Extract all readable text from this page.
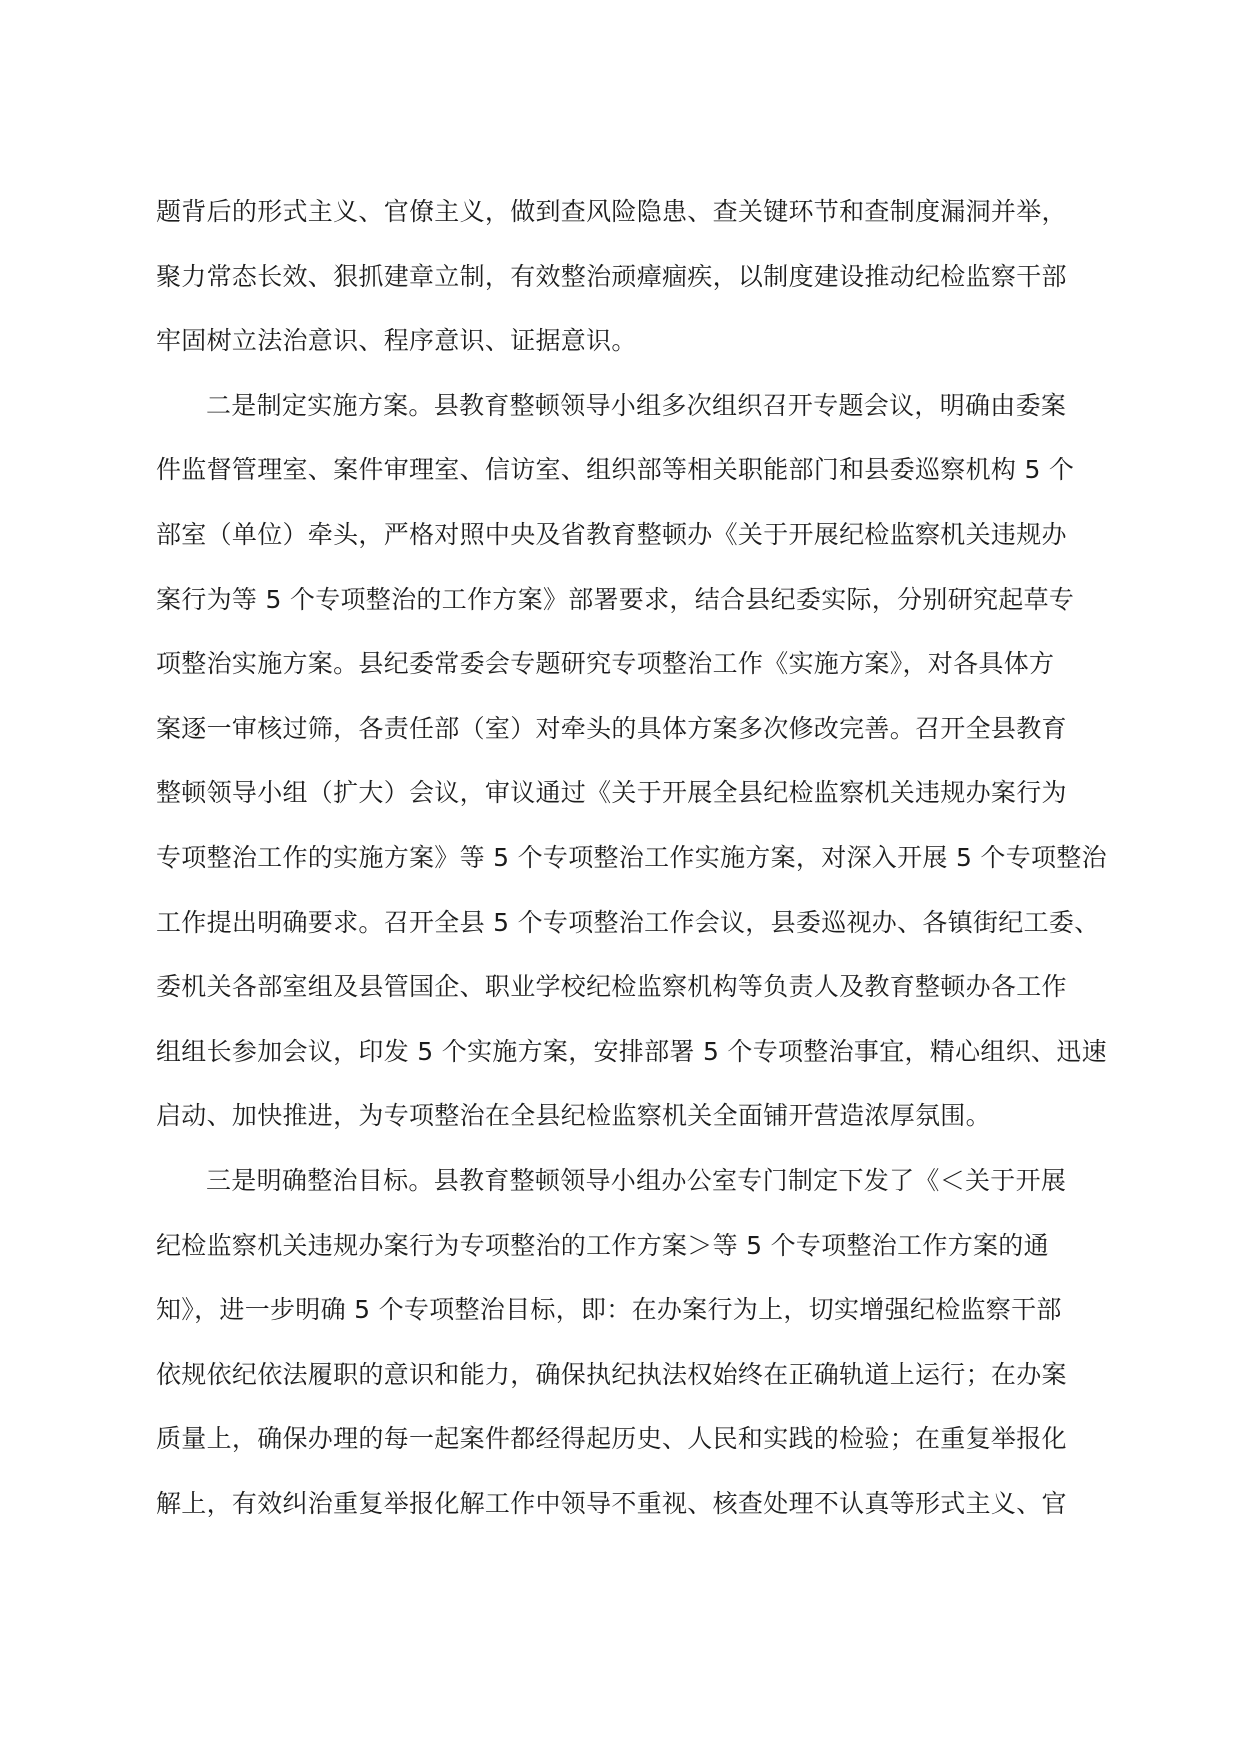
题背后的形式主义、官僚主义，做到查风险隐患、查关键环节和查制度漏洞并举，
聚力常态长效、狠抓建章立制，有效整治顽瘴痼疾，以制度建设推动纪检监察干部
牢固树立法治意识、程序意识、证据意识。
二是制定实施方案。县教育整顿领导小组多次组织召开专题会议，明确由委案
件监督管理室、案件审理室、信访室、组织部等相关职能部门和县委巡察机构 5 个
部室（单位）牵头，严格对照中央及省教育整顿办《关于开展纪检监察机关违规办
案行为等 5 个专项整治的工作方案》部署要求，结合县纪委实际，分别研究起草专
项整治实施方案。县纪委常委会专题研究专项整治工作《实施方案》，对各具体方
案逐一审核过筛，各责任部（室）对牵头的具体方案多次修改完善。召开全县教育
整顿领导小组（扩大）会议，审议通过《关于开展全县纪检监察机关违规办案行为
专项整治工作的实施方案》等 5 个专项整治工作实施方案，对深入开展 5 个专项整治
工作提出明确要求。召开全县 5 个专项整治工作会议，县委巡视办、各镇街纪工委、
委机关各部室组及县管国企、职业学校纪检监察机构等负责人及教育整顿办各工作
组组长参加会议，印发 5 个实施方案，安排部署 5 个专项整治事宜，精心组织、迅速
启动、加快推进，为专项整治在全县纪检监察机关全面铺开营造浓厚氛围。
三是明确整治目标。县教育整顿领导小组办公室专门制定下发了《＜关于开展
纪检监察机关违规办案行为专项整治的工作方案＞等 5 个专项整治工作方案的通
知》，进一步明确 5 个专项整治目标，即：在办案行为上，切实增强纪检监察干部
依规依纪依法履职的意识和能力，确保执纪执法权始终在正确轨道上运行；在办案
质量上，确保办理的每一起案件都经得起历史、人民和实践的检验；在重复举报化
解上，有效纠治重复举报化解工作中领导不重视、核查处理不认真等形式主义、官
